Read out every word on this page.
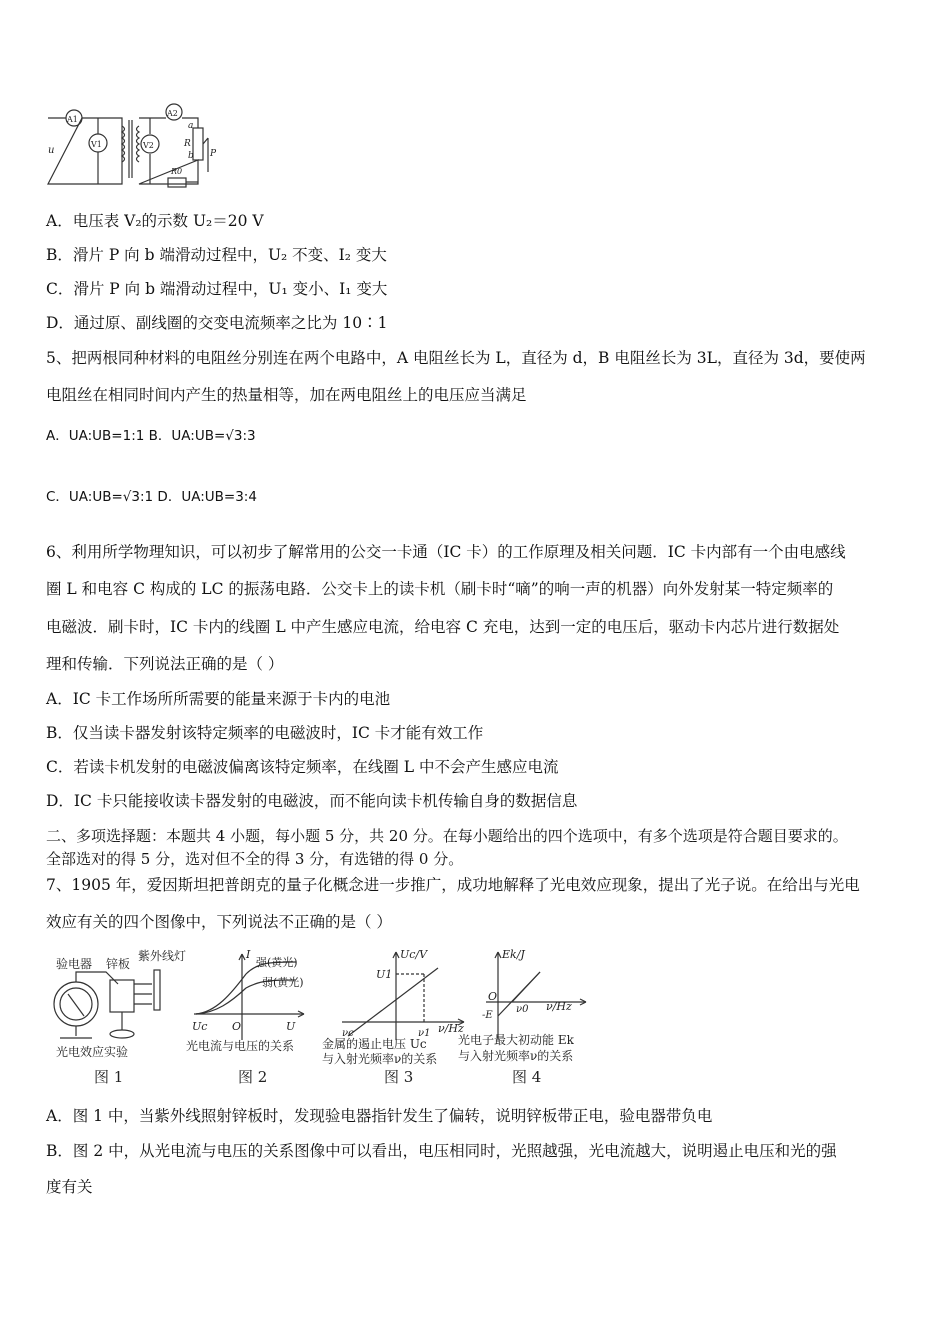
u
A1
V1
A2
V2	R
a
b P
R0
A．电压表 V₂的示数 U₂＝20 V
B．滑片 P 向 b 端滑动过程中，U₂ 不变、I₂ 变大
C．滑片 P 向 b 端滑动过程中，U₁ 变小、I₁ 变大
D．通过原、副线圈的交变电流频率之比为 10∶1
5、把两根同种材料的电阻丝分别连在两个电路中，A 电阻丝长为 L，直径为 d，B 电阻丝长为 3L，直径为 3d，要使两
电阻丝在相同时间内产生的热量相等，加在两电阻丝上的电压应当满足
A．UA:UB=1:1 B．UA:UB=√3:3
C．UA:UB=√3:1 D．UA:UB=3:4
6、利用所学物理知识，可以初步了解常用的公交一卡通（IC 卡）的工作原理及相关问题．IC 卡内部有一个由电感线
圈 L 和电容 C 构成的 LC 的振荡电路．公交卡上的读卡机（刷卡时“嘀”的响一声的机器）向外发射某一特定频率的
电磁波．刷卡时，IC 卡内的线圈 L 中产生感应电流，给电容 C 充电，达到一定的电压后，驱动卡内芯片进行数据处
理和传输．下列说法正确的是（ ）
A．IC 卡工作场所所需要的能量来源于卡内的电池
B．仅当读卡器发射该特定频率的电磁波时，IC 卡才能有效工作
C．若读卡机发射的电磁波偏离该特定频率，在线圈 L 中不会产生感应电流
D．IC 卡只能接收读卡器发射的电磁波，而不能向读卡机传输自身的数据信息
二、多项选择题：本题共 4 小题，每小题 5 分，共 20 分。在每小题给出的四个选项中，有多个选项是符合题目要求的。
全部选对的得 5 分，选对但不全的得 3 分，有选错的得 0 分。
7、1905 年，爱因斯坦把普朗克的量子化概念进一步推广，成功地解释了光电效应现象，提出了光子说。在给出与光电
效应有关的四个图像中，下列说法不正确的是（ ）
验电器 锌板
紫外线灯
光电效应实验
图 1
I
强(黄光)
弱(黄光)
Uc O	U
光电流与电压的关系
图 2
Uc/V
U1
νc	ν1 ν/Hz
金属的遏止电压 Uc
与入射光频率ν的关系
图 3
Ek/J
O
ν0
-E
ν/Hz
光电子最大初动能 Ek
与入射光频率ν的关系
图 4
A．图 1 中，当紫外线照射锌板时，发现验电器指针发生了偏转，说明锌板带正电，验电器带负电
B．图 2 中，从光电流与电压的关系图像中可以看出，电压相同时，光照越强，光电流越大，说明遏止电压和光的强
度有关
